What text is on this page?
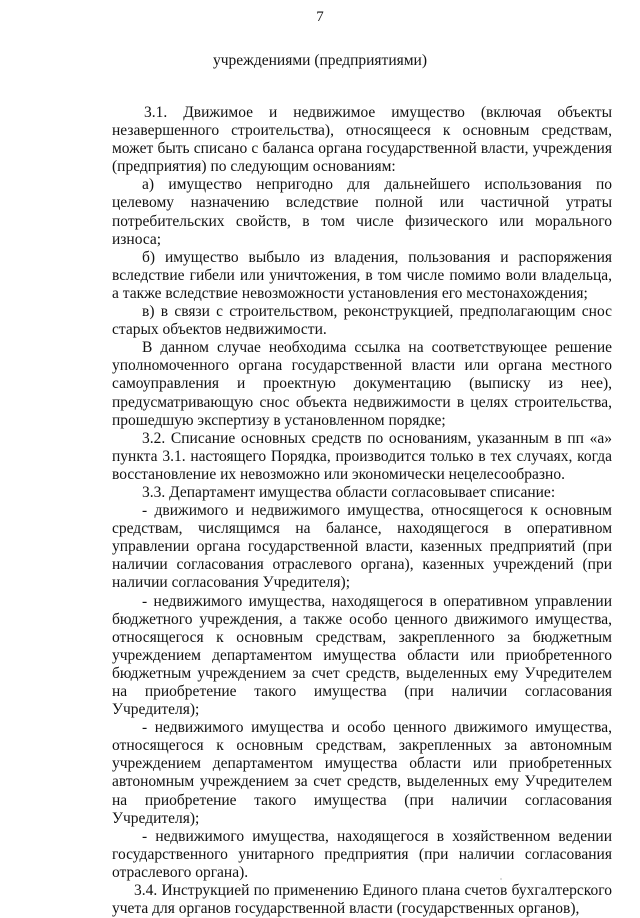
7
учреждениями (предприятиями)

3.1. Движимое и недвижимое имущество (включая объекты незавершенного строительства), относящееся к основным средствам, может быть списано с баланса органа государственной власти, учреждения (предприятия) по следующим основаниям:

а) имущество непригодно для дальнейшего использования по целевому назначению вследствие полной или частичной утраты потребительских свойств, в том числе физического или морального износа;

б) имущество выбыло из владения, пользования и распоряжения вследствие гибели или уничтожения, в том числе помимо воли владельца, а также вследствие невозможности установления его местонахождения;

в) в связи с строительством, реконструкцией, предполагающим снос старых объектов недвижимости.

В данном случае необходима ссылка на соответствующее решение уполномоченного органа государственной власти или органа местного самоуправления и проектную документацию (выписку из нее), предусматривающую снос объекта недвижимости в целях строительства, прошедшую экспертизу в установленном порядке;

3.2. Списание основных средств по основаниям, указанным в пп «а» пункта 3.1. настоящего Порядка, производится только в тех случаях, когда восстановление их невозможно или экономически нецелесообразно.

3.3. Департамент имущества области согласовывает списание:

- движимого и недвижимого имущества, относящегося к основным средствам, числящимся на балансе, находящегося в оперативном управлении органа государственной власти, казенных предприятий (при наличии согласования отраслевого органа), казенных учреждений (при наличии согласования Учредителя);

- недвижимого имущества, находящегося в оперативном управлении бюджетного учреждения, а также особо ценного движимого имущества, относящегося к основным средствам, закрепленного за бюджетным учреждением департаментом имущества области или приобретенного бюджетным учреждением за счет средств, выделенных ему Учредителем на приобретение такого имущества (при наличии согласования Учредителя);

- недвижимого имущества и особо ценного движимого имущества, относящегося к основным средствам, закрепленных за автономным учреждением департаментом имущества области или приобретенных автономным учреждением за счет средств, выделенных ему Учредителем на приобретение такого имущества (при наличии согласования Учредителя);

- недвижимого имущества, находящегося в хозяйственном ведении государственного унитарного предприятия (при наличии согласования отраслевого органа).

3.4. Инструкцией по применению Единого плана счетов бухгалтерского учета для органов государственной власти (государственных органов),
